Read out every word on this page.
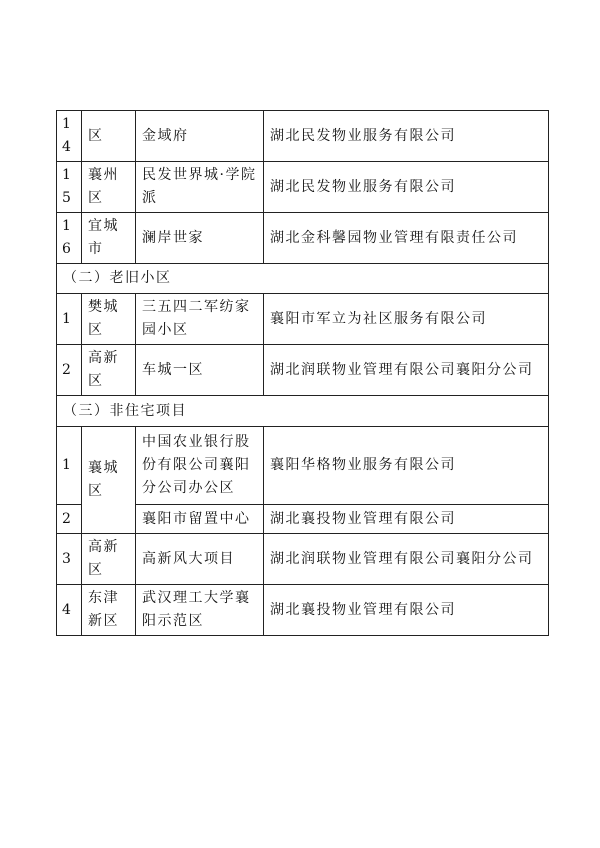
14	区	金域府	湖北民发物业服务有限公司
15	襄州区	民发世界城·学院派	湖北民发物业服务有限公司
16	宜城市	澜岸世家	湖北金科馨园物业管理有限责任公司
（二）老旧小区			
1	樊城区	三五四二军纺家园小区	襄阳市军立为社区服务有限公司
2	高新区	车城一区	湖北润联物业管理有限公司襄阳分公司
（三）非住宅项目			
1	襄城区	中国农业银行股份有限公司襄阳分公司办公区	襄阳华格物业服务有限公司
2		襄阳市留置中心	湖北襄投物业管理有限公司
3	高新区	高新风大项目	湖北润联物业管理有限公司襄阳分公司
4	东津新区	武汉理工大学襄阳示范区	湖北襄投物业管理有限公司
